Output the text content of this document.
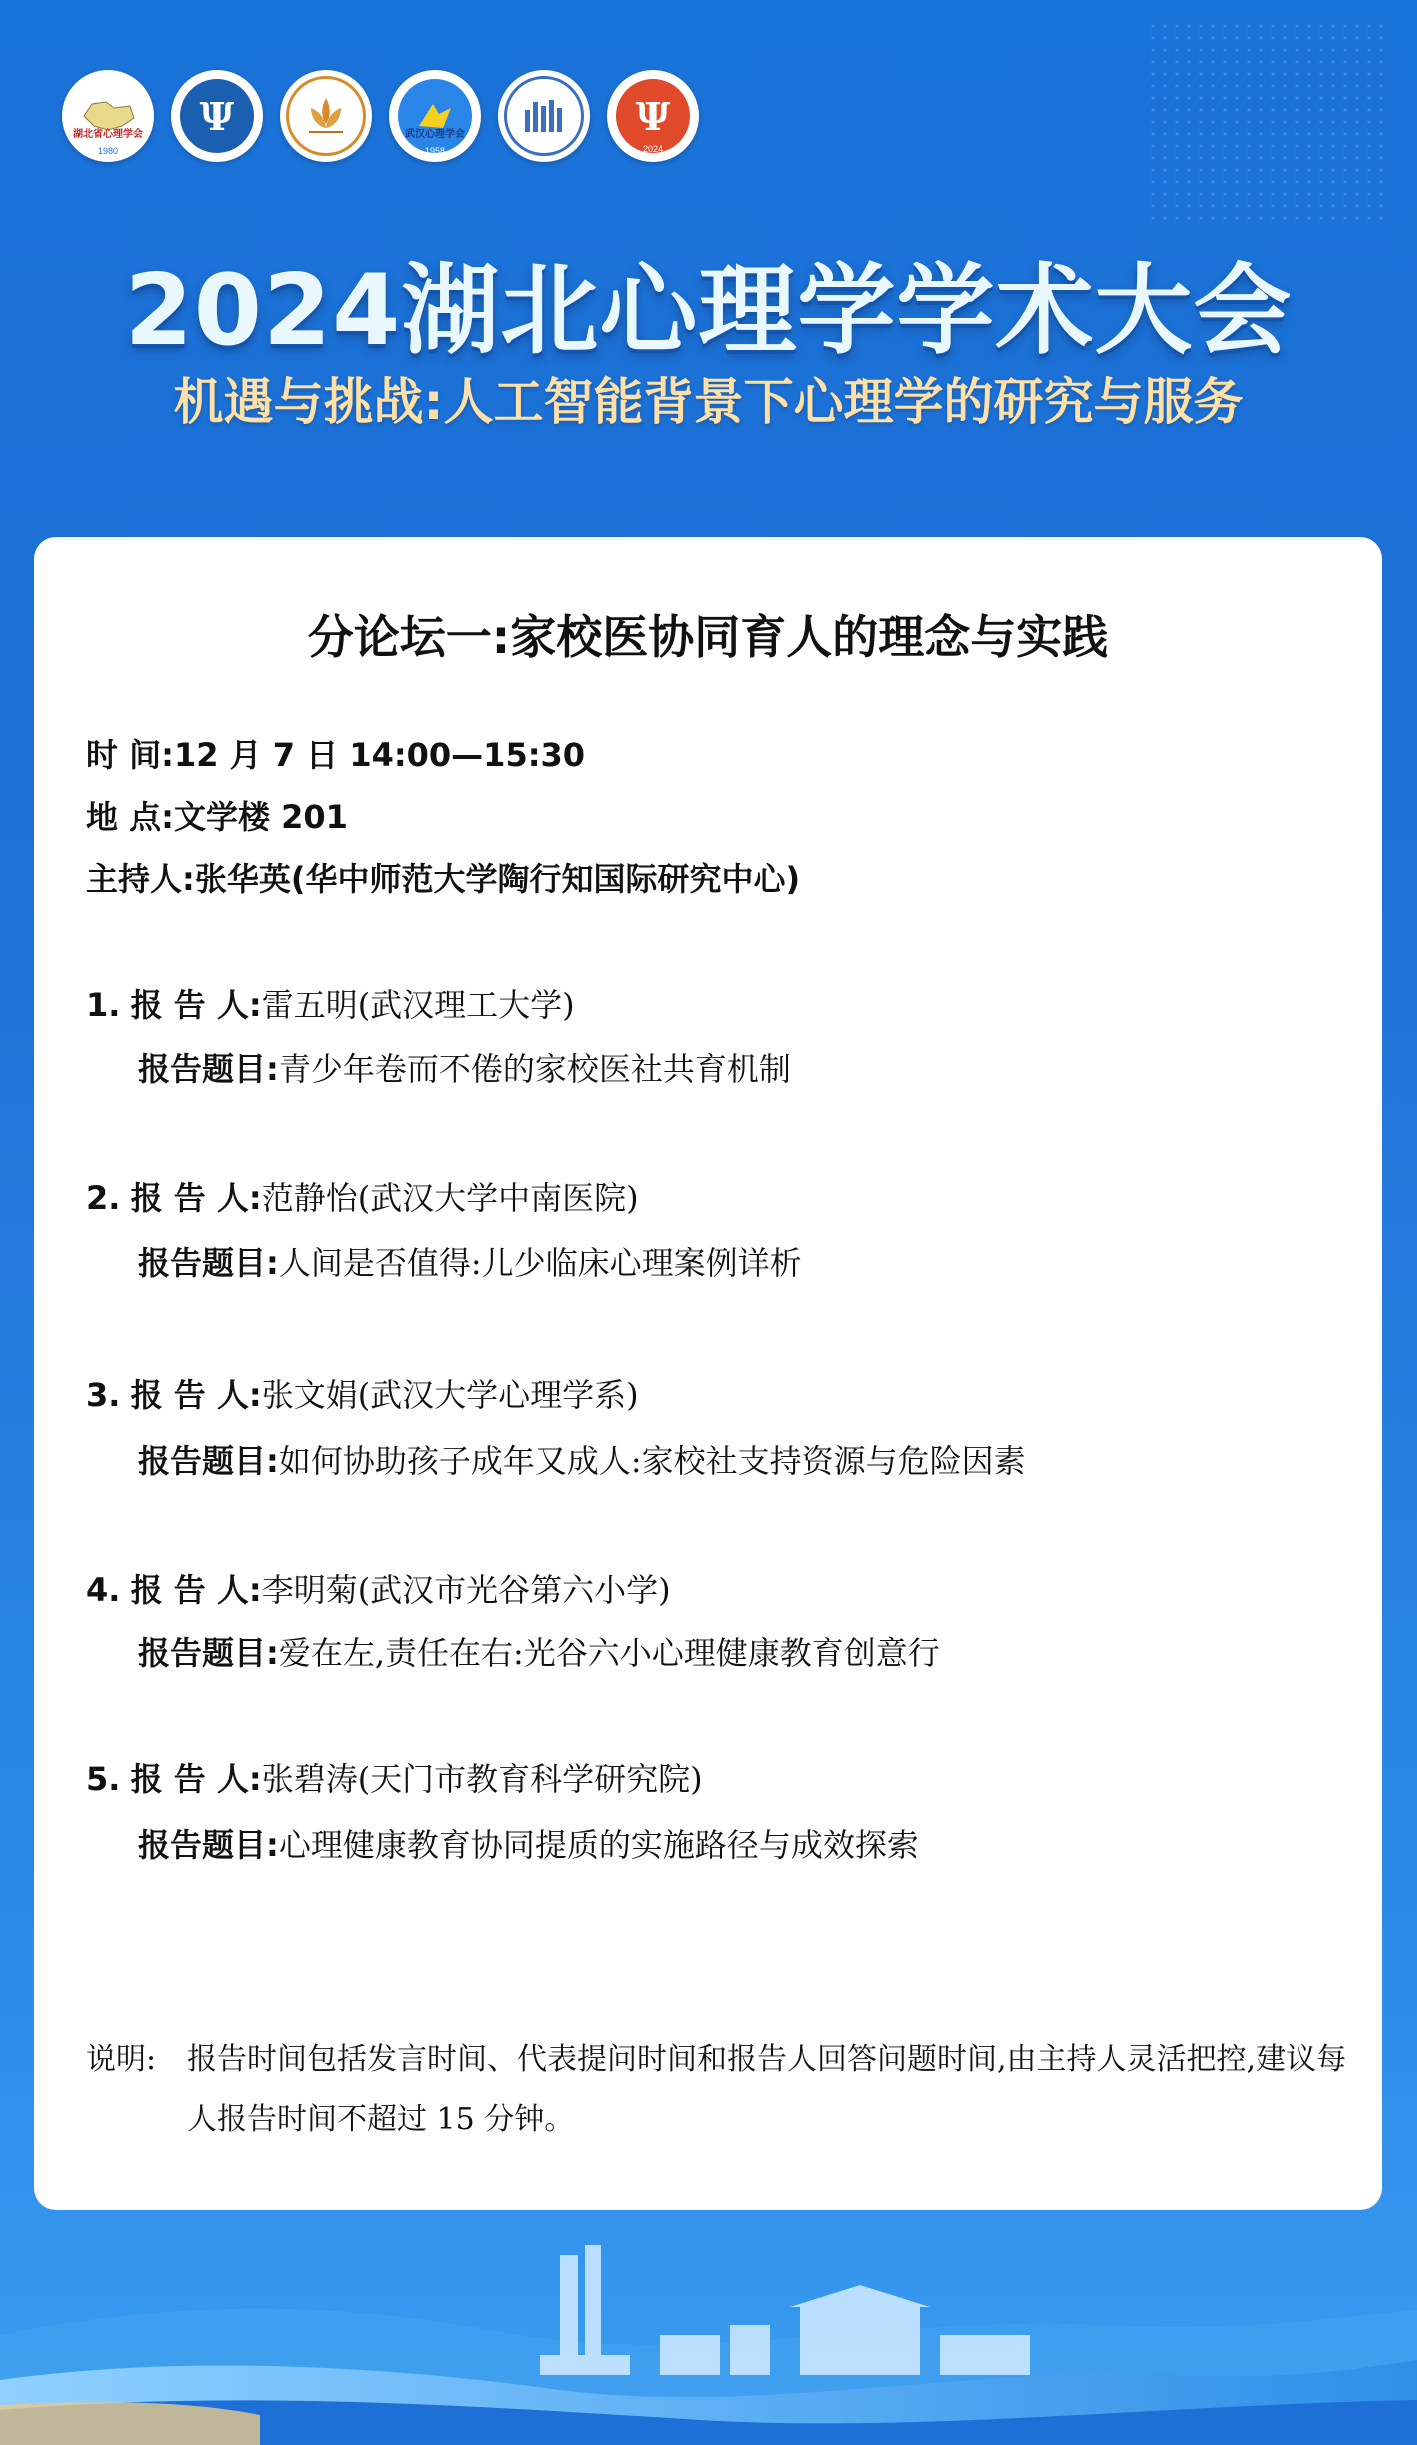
湖北省心理学会
1980
Ψ	武汉心理学会
1958
Ψ
2024
2024湖北心理学学术大会
机遇与挑战:人工智能背景下心理学的研究与服务
分论坛一:家校医协同育人的理念与实践
时 间:12 月 7 日 14:00—15:30
地 点:文学楼 201
主持人:张华英(华中师范大学陶行知国际研究中心)
1. 报 告 人:雷五明(武汉理工大学)
报告题目:青少年卷而不倦的家校医社共育机制
2. 报 告 人:范静怡(武汉大学中南医院)
报告题目:人间是否值得:儿少临床心理案例详析
3. 报 告 人:张文娟(武汉大学心理学系)
报告题目:如何协助孩子成年又成人:家校社支持资源与危险因素
4. 报 告 人:李明菊(武汉市光谷第六小学)
报告题目:爱在左,责任在右:光谷六小心理健康教育创意行
5. 报 告 人:张碧涛(天门市教育科学研究院)
报告题目:心理健康教育协同提质的实施路径与成效探索
说明: 报告时间包括发言时间、代表提问时间和报告人回答问题时间,由主持人灵活把控,建议每人报告时间不超过 15 分钟。
